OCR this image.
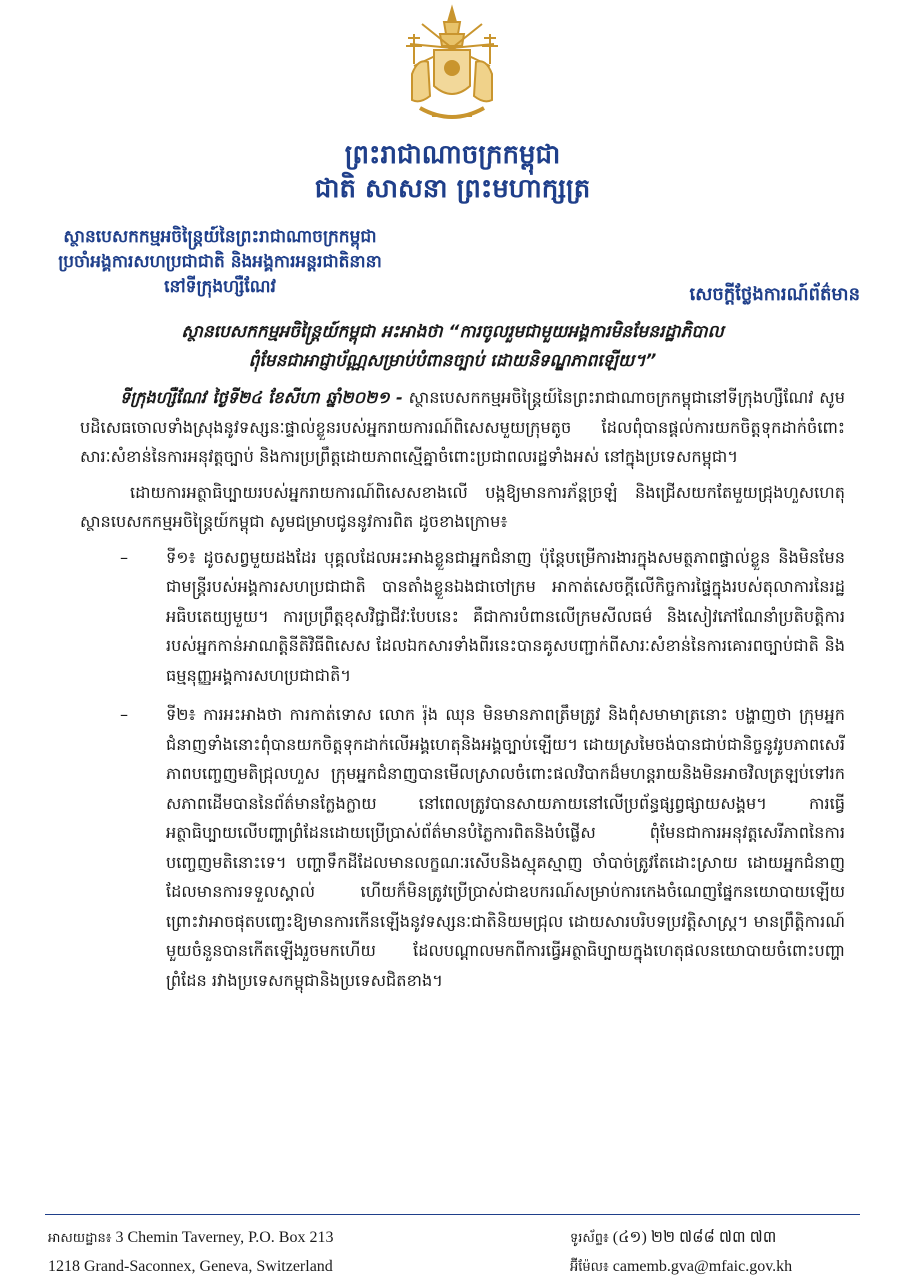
ព្រះរាជាណាចក្រកម្ពុជា
ជាតិ សាសនា ព្រះមហាក្សត្រ
ស្ថានបេសកកម្មអចិន្ត្រៃយ៍នៃព្រះរាជាណាចក្រកម្ពុជា
ប្រចាំអង្គការសហប្រជាជាតិ និងអង្គការអន្តរជាតិនានា
នៅទីក្រុងហ្សឺណែវ	សេចក្តីថ្លែងការណ៍ព័ត៌មាន
ស្ថានបេសកកម្មអចិន្ត្រៃយ៍កម្ពុជា អះអាងថា “ការចូលរួមជាមួយអង្គការមិនមែនរដ្ឋាភិបាល
ពុំមែនជាអាជ្ញាប័ណ្ណសម្រាប់បំពានច្បាប់ ដោយនិទណ្ឌភាពឡើយ។”

ទីក្រុងហ្សឺណែវ ថ្ងៃទី២៤ ខែសីហា ឆ្នាំ២០២១ - ស្ថានបេសកកម្មអចិន្ត្រៃយ៍នៃព្រះរាជាណាចក្រកម្ពុជានៅទីក្រុងហ្សឺណែវ សូមបដិសេធចោលទាំងស្រុងនូវទស្សនៈផ្ទាល់ខ្លួនរបស់អ្នករាយការណ៍ពិសេសមួយក្រុមតូច ដែលពុំបានផ្តល់ការយកចិត្តទុកដាក់ចំពោះសារៈសំខាន់នៃការអនុវត្តច្បាប់ និងការប្រព្រឹត្តដោយភាពស្មើគ្នាចំពោះប្រជាពលរដ្ឋទាំងអស់ នៅក្នុងប្រទេសកម្ពុជា។

ដោយការអត្ថាធិប្បាយរបស់អ្នករាយការណ៍ពិសេសខាងលើ បង្កឱ្យមានការភ័ន្តច្រឡំ និងជ្រើសយកតែមួយជ្រុងហួសហេតុ ស្ថានបេសកកម្មអចិន្ត្រៃយ៍កម្ពុជា សូមជម្រាបជូននូវការពិត ដូចខាងក្រោម៖

– ទី១៖ ដូចសព្វមួយដងដែរ បុគ្គលដែលអះអាងខ្លួនជាអ្នកជំនាញ ប៉ុន្តែបម្រើការងារក្នុងសមត្ថភាពផ្ទាល់ខ្លួន និងមិនមែនជាមន្ត្រីរបស់អង្គការសហប្រជាជាតិ បានតាំងខ្លួនឯងជាចៅក្រម អាកាត់សេចក្តីលើកិច្ចការផ្ទៃក្នុងរបស់តុលាការនៃរដ្ឋអធិបតេយ្យមួយ។ ការប្រព្រឹត្តខុសវិជ្ជាជីវៈបែបនេះ គឺជាការបំពានលើក្រមសីលធម៌ និងសៀវភៅណែនាំប្រតិបត្តិការរបស់អ្នកកាន់អាណត្តិនីតិវិធីពិសេស ដែលឯកសារទាំងពីរនេះបានគូសបញ្ជាក់ពីសារៈសំខាន់នៃការគោរពច្បាប់ជាតិ និងធម្មនុញ្ញអង្គការសហប្រជាជាតិ។
– ទី២៖ ការអះអាងថា ការកាត់ទោស លោក រ៉ុង ឈុន មិនមានភាពត្រឹមត្រូវ និងពុំសមាមាត្រនោះ បង្ហាញថា ក្រុមអ្នកជំនាញទាំងនោះពុំបានយកចិត្តទុកដាក់លើអង្គហេតុនិងអង្គច្បាប់ឡើយ។ ដោយស្រមៃចង់បានជាប់ជានិច្ចនូវរូបភាពសេរីភាពបញ្ចេញមតិជ្រុលហួស ក្រុមអ្នកជំនាញបានមើលស្រាលចំពោះផលវិបាកដ៏មហន្តរាយនិងមិនអាចវិលត្រឡប់ទៅរកសភាពដើមបាននៃព័ត៌មានក្លែងក្លាយ នៅពេលត្រូវបានសាយភាយនៅលើប្រព័ន្ធផ្សព្វផ្សាយសង្គម។ ការធ្វើអត្ថាធិប្បាយលើបញ្ហាព្រំដែនដោយប្រើប្រាស់ព័ត៌មានបំភ្លៃការពិតនិងបំផ្លើស ពុំមែនជាការអនុវត្តសេរីភាពនៃការបញ្ចេញមតិនោះទេ។ បញ្ហាទឹកដីដែលមានលក្ខណៈរសើបនិងស្មុគស្មាញ ចាំបាច់ត្រូវតែដោះស្រាយ ដោយអ្នកជំនាញដែលមានការទទួលស្គាល់ ហើយក៏មិនត្រូវប្រើប្រាស់ជាឧបករណ៍សម្រាប់ការកេងចំណេញផ្នែកនយោបាយឡើយ ព្រោះវាអាចផុតបញ្ចេះឱ្យមានការកើនឡើងនូវទស្សនៈជាតិនិយមជ្រុល ដោយសារបរិបទប្រវត្តិសាស្ត្រ។ មានព្រឹត្តិការណ៍មួយចំនួនបានកើតឡើងរួចមកហើយ ដែលបណ្តាលមកពីការធ្វើអត្ថាធិប្បាយក្នុងហេតុផលនយោបាយចំពោះបញ្ហាព្រំដែន រវាងប្រទេសកម្ពុជានិងប្រទេសជិតខាង។
អាសយដ្ឋាន៖ 3 Chemin Taverney, P.O. Box 213
1218 Grand-Saconnex, Geneva, Switzerland
ទូរស័ព្ទ៖ (៤១) ២២ ៧៨៨ ៧៣ ៧៣
អ៊ីម៉ែល៖ camemb.gva@mfaic.gov.kh
